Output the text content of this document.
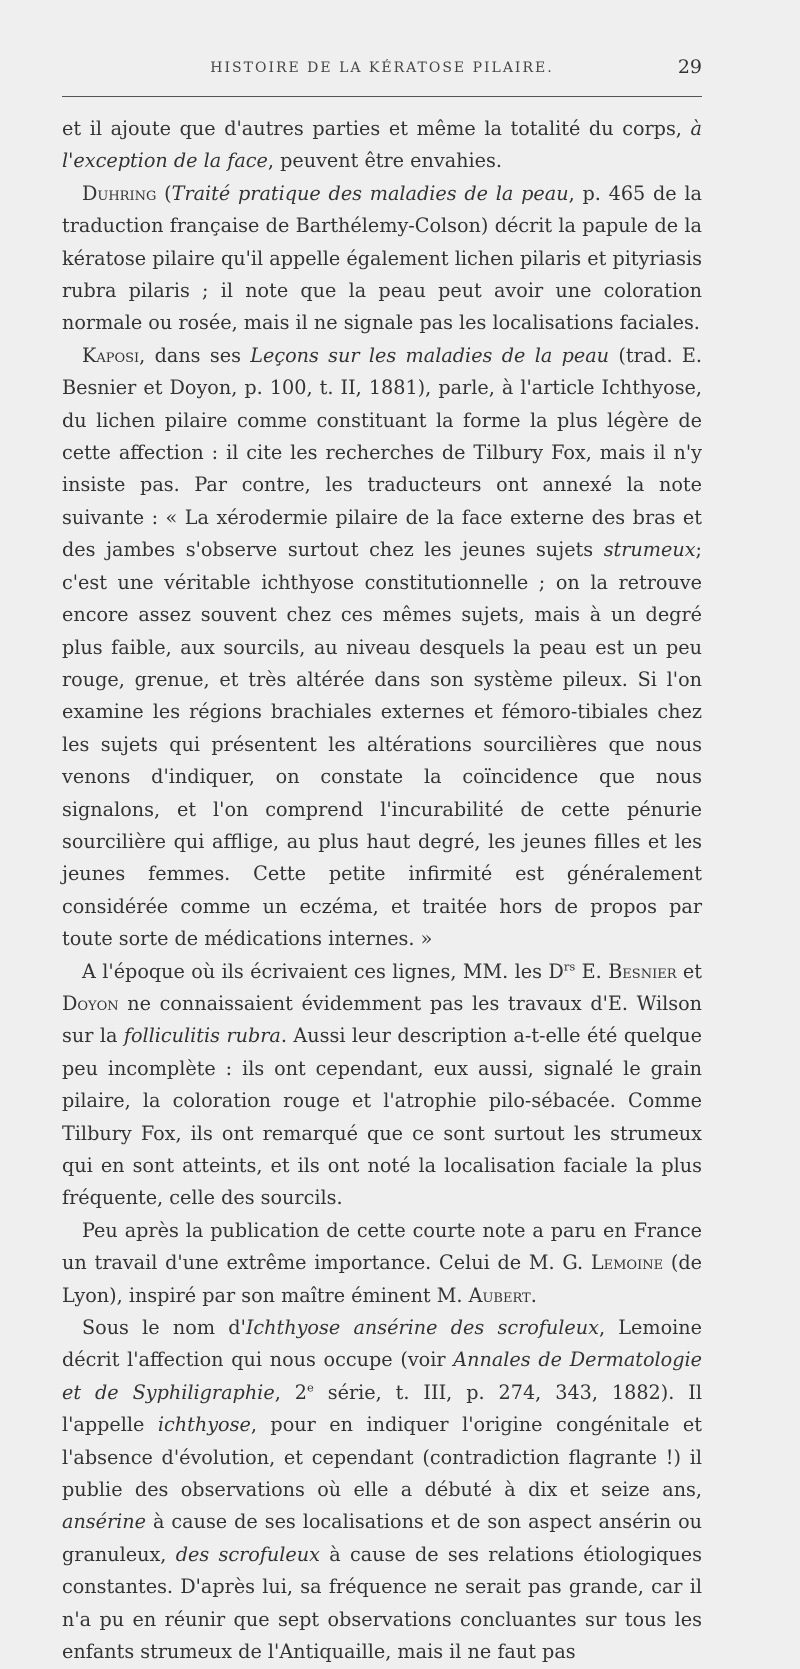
HISTOIRE DE LA KÉRATOSE PILAIRE.	29

et il ajoute que d'autres parties et même la totalité du corps, à l'exception de la face, peuvent être envahies.

Duhring (Traité pratique des maladies de la peau, p. 465 de la traduction française de Barthélemy-Colson) décrit la papule de la kératose pilaire qu'il appelle également lichen pilaris et pityriasis rubra pilaris ; il note que la peau peut avoir une coloration normale ou rosée, mais il ne signale pas les localisations faciales.

Kaposi, dans ses Leçons sur les maladies de la peau (trad. E. Besnier et Doyon, p. 100, t. II, 1881), parle, à l'article Ichthyose, du lichen pilaire comme constituant la forme la plus légère de cette affection : il cite les recherches de Tilbury Fox, mais il n'y insiste pas. Par contre, les traducteurs ont annexé la note suivante : « La xérodermie pilaire de la face externe des bras et des jambes s'observe surtout chez les jeunes sujets strumeux; c'est une véritable ichthyose constitutionnelle ; on la retrouve encore assez souvent chez ces mêmes sujets, mais à un degré plus faible, aux sourcils, au niveau desquels la peau est un peu rouge, grenue, et très altérée dans son système pileux. Si l'on examine les régions brachiales externes et fémoro-tibiales chez les sujets qui présentent les altérations sourcilières que nous venons d'indiquer, on constate la coïncidence que nous signalons, et l'on comprend l'incurabilité de cette pénurie sourcilière qui afflige, au plus haut degré, les jeunes filles et les jeunes femmes. Cette petite infirmité est généralement considérée comme un eczéma, et traitée hors de propos par toute sorte de médications internes. »

A l'époque où ils écrivaient ces lignes, MM. les $D^{rs}$ E. Besnier et Doyon ne connaissaient évidemment pas les travaux d'E. Wilson sur la folliculitis rubra. Aussi leur description a-t-elle été quelque peu incomplète : ils ont cependant, eux aussi, signalé le grain pilaire, la coloration rouge et l'atrophie pilo-sébacée. Comme Tilbury Fox, ils ont remarqué que ce sont surtout les strumeux qui en sont atteints, et ils ont noté la localisation faciale la plus fréquente, celle des sourcils.

Peu après la publication de cette courte note a paru en France un travail d'une extrême importance. Celui de M. G. Lemoine (de Lyon), inspiré par son maître éminent M. Aubert.

Sous le nom d'Ichthyose ansérine des scrofuleux, Lemoine décrit l'affection qui nous occupe (voir Annales de Dermatologie et de Syphiligraphie, 2e série, t. III, p. 274, 343, 1882). Il l'appelle ichthyose, pour en indiquer l'origine congénitale et l'absence d'évolution, et cependant (contradiction flagrante !) il publie des observations où elle a débuté à dix et seize ans, ansérine à cause de ses localisations et de son aspect ansérin ou granuleux, des scrofuleux à cause de ses relations étiologiques constantes. D'après lui, sa fréquence ne serait pas grande, car il n'a pu en réunir que sept observations concluantes sur tous les enfants strumeux de l'Antiquaille, mais il ne faut pas
